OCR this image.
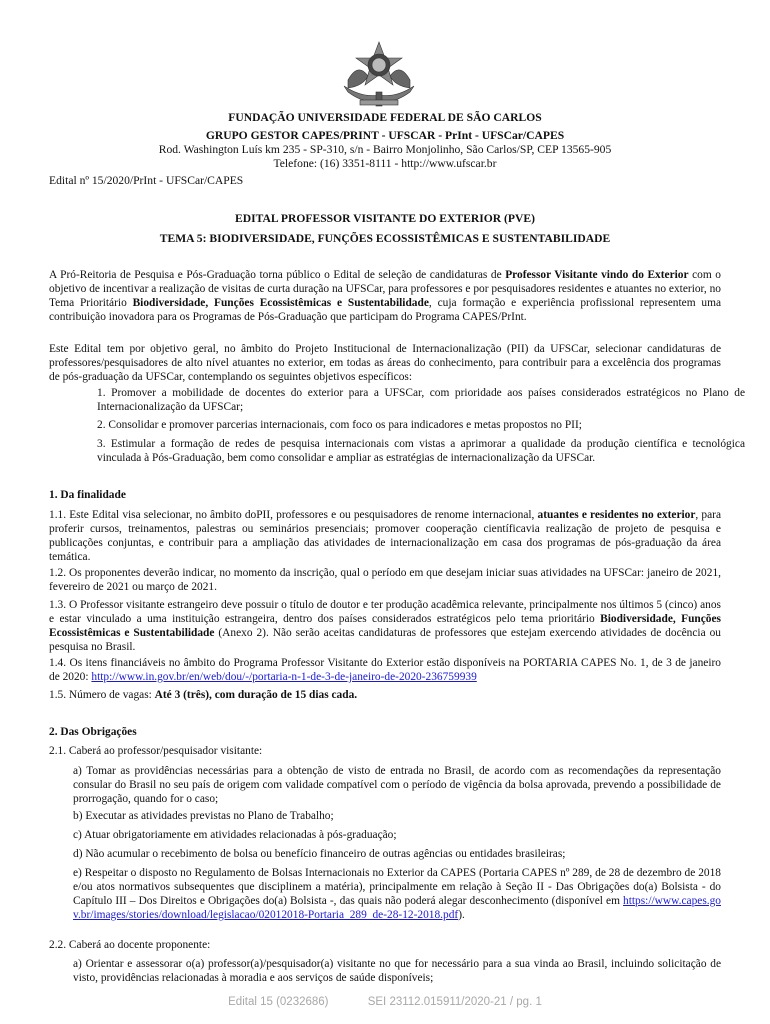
FUNDAÇÃO UNIVERSIDADE FEDERAL DE SÃO CARLOS
GRUPO GESTOR CAPES/PRINT - UFSCAR - PrInt - UFSCar/CAPES
Rod. Washington Luís km 235 - SP-310, s/n - Bairro Monjolinho, São Carlos/SP, CEP 13565-905
Telefone: (16) 3351-8111 - http://www.ufscar.br
Edital nº 15/2020/PrInt - UFSCar/CAPES
EDITAL PROFESSOR VISITANTE DO EXTERIOR (PVE)
TEMA 5: BIODIVERSIDADE, FUNÇÕES ECOSSISTÊMICAS E SUSTENTABILIDADE

A Pró-Reitoria de Pesquisa e Pós-Graduação torna público o Edital de seleção de candidaturas de Professor Visitante vindo do Exterior com o objetivo de incentivar a realização de visitas de curta duração na UFSCar, para professores e por pesquisadores residentes e atuantes no exterior, no Tema Prioritário Biodiversidade, Funções Ecossistêmicas e Sustentabilidade, cuja formação e experiência profissional representem uma contribuição inovadora para os Programas de Pós-Graduação que participam do Programa CAPES/PrInt.

Este Edital tem por objetivo geral, no âmbito do Projeto Institucional de Internacionalização (PII) da UFSCar, selecionar candidaturas de professores/pesquisadores de alto nível atuantes no exterior, em todas as áreas do conhecimento, para contribuir para a excelência dos programas de pós-graduação da UFSCar, contemplando os seguintes objetivos específicos:
1. Promover a mobilidade de docentes do exterior para a UFSCar, com prioridade aos países considerados estratégicos no Plano de Internacionalização da UFSCar;
2. Consolidar e promover parcerias internacionais, com foco os para indicadores e metas propostos no PII;
3. Estimular a formação de redes de pesquisa internacionais com vistas a aprimorar a qualidade da produção científica e tecnológica vinculada à Pós-Graduação, bem como consolidar e ampliar as estratégias de internacionalização da UFSCar.
1. Da finalidade

1.1. Este Edital visa selecionar, no âmbito doPII, professores e ou pesquisadores de renome internacional, atuantes e residentes no exterior, para proferir cursos, treinamentos, palestras ou seminários presenciais; promover cooperação científicavia realização de projeto de pesquisa e publicações conjuntas, e contribuir para a ampliação das atividades de internacionalização em casa dos programas de pós-graduação da área temática.

1.2. Os proponentes deverão indicar, no momento da inscrição, qual o período em que desejam iniciar suas atividades na UFSCar: janeiro de 2021, fevereiro de 2021 ou março de 2021.

1.3. O Professor visitante estrangeiro deve possuir o título de doutor e ter produção acadêmica relevante, principalmente nos últimos 5 (cinco) anos e estar vinculado a uma instituição estrangeira, dentro dos países considerados estratégicos pelo tema prioritário Biodiversidade, Funções Ecossistêmicas e Sustentabilidade (Anexo 2). Não serão aceitas candidaturas de professores que estejam exercendo atividades de docência ou pesquisa no Brasil.

1.4. Os itens financiáveis no âmbito do Programa Professor Visitante do Exterior estão disponíveis na PORTARIA CAPES No. 1, de 3 de janeiro de 2020: http://www.in.gov.br/en/web/dou/-/portaria-n-1-de-3-de-janeiro-de-2020-236759939

1.5. Número de vagas: Até 3 (três), com duração de 15 dias cada.

2. Das Obrigações
2.1. Caberá ao professor/pesquisador visitante:
a) Tomar as providências necessárias para a obtenção de visto de entrada no Brasil, de acordo com as recomendações da representação consular do Brasil no seu país de origem com validade compatível com o período de vigência da bolsa aprovada, prevendo a possibilidade de prorrogação, quando for o caso;
b) Executar as atividades previstas no Plano de Trabalho;
c) Atuar obrigatoriamente em atividades relacionadas à pós-graduação;
d) Não acumular o recebimento de bolsa ou benefício financeiro de outras agências ou entidades brasileiras;

e) Respeitar o disposto no Regulamento de Bolsas Internacionais no Exterior da CAPES (Portaria CAPES nº 289, de 28 de dezembro de 2018 e/ou atos normativos subsequentes que disciplinem a matéria), principalmente em relação à Seção II - Das Obrigações do(a) Bolsista - do Capítulo III – Dos Direitos e Obrigações do(a) Bolsista -, das quais não poderá alegar desconhecimento (disponível em https://www.capes.gov.br/images/stories/download/legislacao/02012018-Portaria_289_de-28-12-2018.pdf).

2.2. Caberá ao docente proponente:
a) Orientar e assessorar o(a) professor(a)/pesquisador(a) visitante no que for necessário para a sua vinda ao Brasil, incluindo solicitação de visto, providências relacionadas à moradia e aos serviços de saúde disponíveis;
Edital 15 (0232686)	SEI 23112.015911/2020-21 / pg. 1
